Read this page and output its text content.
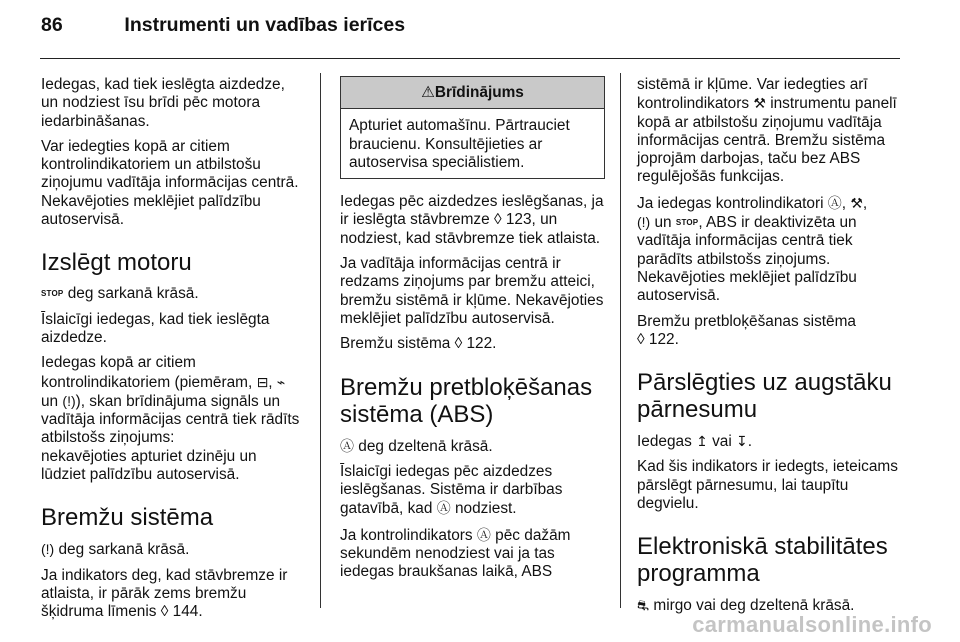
86	Instrumenti un vadības ierīces

Iedegas, kad tiek ieslēgta aizdedze, un nodziest īsu brīdi pēc motora iedarbināšanas.

Var iedegties kopā ar citiem kontrolindikatoriem un atbilstošu ziņojumu vadītāja informācijas centrā. Nekavējoties meklējiet palīdzību autoservisā.

Izslēgt motoru

STOP deg sarkanā krāsā.

Īslaicīgi iedegas, kad tiek ieslēgta aizdedze.

Iedegas kopā ar citiem kontrolindikatoriem (piemēram, ⊟, ⌁ un (!)), skan brīdinājuma signāls un vadītāja informācijas centrā tiek rādīts atbilstošs ziņojums:
nekavējoties apturiet dzinēju un lūdziet palīdzību autoservisā.

Bremžu sistēma

(!) deg sarkanā krāsā.

Ja indikators deg, kad stāvbremze ir atlaista, ir pārāk zems bremžu šķidruma līmenis ◊ 144.

⚠Brīdinājums
Apturiet automašīnu. Pārtrauciet braucienu. Konsultējieties ar autoservisa speciālistiem.

Iedegas pēc aizdedzes ieslēgšanas, ja ir ieslēgta stāvbremze ◊ 123, un nodziest, kad stāvbremze tiek atlaista.

Ja vadītāja informācijas centrā ir redzams ziņojums par bremžu atteici, bremžu sistēmā ir kļūme. Nekavējoties meklējiet palīdzību autoservisā.

Bremžu sistēma ◊ 122.

Bremžu pretbloķēšanas sistēma (ABS)

Ⓐ deg dzeltenā krāsā.

Īslaicīgi iedegas pēc aizdedzes ieslēgšanas. Sistēma ir darbības gatavībā, kad Ⓐ nodziest.

Ja kontrolindikators Ⓐ pēc dažām sekundēm nenodziest vai ja tas iedegas braukšanas laikā, ABS

sistēmā ir kļūme. Var iedegties arī kontrolindikators ⚒ instrumentu panelī kopā ar atbilstošu ziņojumu vadītāja informācijas centrā. Bremžu sistēma joprojām darbojas, taču bez ABS regulējošās funkcijas.

Ja iedegas kontrolindikatori Ⓐ, ⚒,
(!) un STOP, ABS ir deaktivizēta un vadītāja informācijas centrā tiek parādīts atbilstošs ziņojums. Nekavējoties meklējiet palīdzību autoservisā.

Bremžu pretbloķēšanas sistēma
◊ 122.

Pārslēgties uz augstāku pārnesumu

Iedegas ↥ vai ↧.

Kad šis indikators ir iedegts, ieteicams pārslēgt pārnesumu, lai taupītu degvielu.

Elektroniskā stabilitātes programma

⛐ mirgo vai deg dzeltenā krāsā.

carmanualsonline.info
